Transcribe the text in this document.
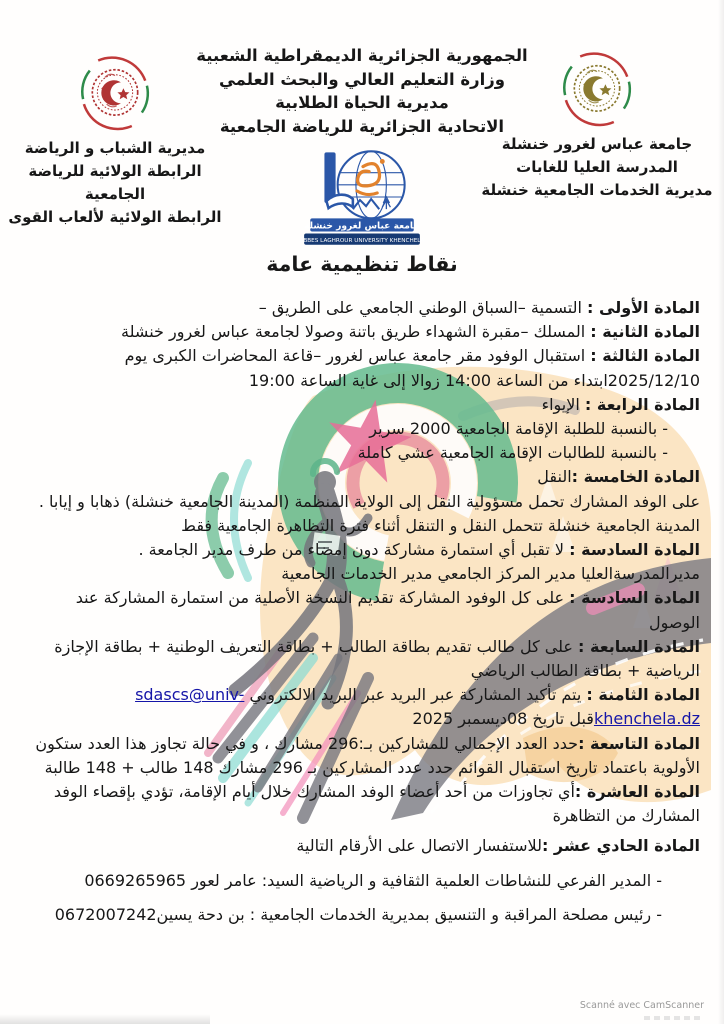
الجمهورية الجزائرية الديمقراطية الشعبية
وزارة التعليم العالي والبحث العلمي
مديرية الحياة الطلابية
الاتحادية الجزائرية للرياضة الجامعية
جامعة عباس لغرور خنشلة
المدرسة العليا للغابات
مديرية الخدمات الجامعية خنشلة
مديرية الشباب و الرياضة
الرابطة الولائية للرياضة الجامعية
الرابطة الولائية لألعاب القوى
جامعة عباس لغرور خنشلة
ABBES LAGHROUR UNIVERSITY KHENCHELA
نقاط تنظيمية عامة

المادة الأولى : التسمية –السباق الوطني الجامعي على الطريق –

المادة الثانية : المسلك –مقبرة الشهداء طريق باتنة وصولا لجامعة عباس لغرور خنشلة

المادة الثالثة : استقبال الوفود مقر جامعة عباس لغرور –قاعة المحاضرات الكبرى يوم 2025/12/10ابتداء من الساعة 14:00 زوالا إلى غاية الساعة 19:00

المادة الرابعة : الإيواء

- بالنسبة للطلبة الإقامة الجامعية 2000 سرير

- بالنسبة للطالبات الإقامة الجامعية عشي كاملة

المادة الخامسة :النقل

على الوفد المشارك تحمل مسؤولية النقل إلى الولاية المنظمة (المدينة الجامعية خنشلة) ذهابا و إيابا . المدينة الجامعية خنشلة تتحمل النقل و التنقل أثناء فترة التظاهرة الجامعية فقط

المادة السادسة : لا تقبل أي استمارة مشاركة دون إمضاء من طرف مدير الجامعة . مديرالمدرسةالعليا مدير المركز الجامعي مدير الخدمات الجامعية

المادة السادسة : على كل الوفود المشاركة تقديم النسخة الأصلية من استمارة المشاركة عند الوصول

المادة السابعة : على كل طالب تقديم بطاقة الطالب + بطاقة التعريف الوطنية + بطاقة الإجازة الرياضية + بطاقة الطالب الرياضي

المادة الثامنة : يتم تأكيد المشاركة عبر البريد عبر البريد الالكتروني sdascs@univ-khenchela.dzقبل تاريخ 08ديسمبر 2025

المادة التاسعة :حدد العدد الإجمالي للمشاركين بـ:296 مشارك ، و في حالة تجاوز هذا العدد ستكون الأولوية باعتماد تاريخ استقبال القوائم حدد عدد المشاركين بـ 296 مشارك 148 طالب + 148 طالبة

المادة العاشرة :أي تجاوزات من أحد أعضاء الوفد المشارك خلال أيام الإقامة، تؤدي بإقصاء الوفد المشارك من التظاهرة

المادة الحادي عشر :للاستفسار الاتصال على الأرقام التالية

- المدير الفرعي للنشاطات العلمية الثقافية و الرياضية السيد: عامر لعور 0669265965

- رئيس مصلحة المراقبة و التنسيق بمديرية الخدمات الجامعية : بن دحة يسين0672007242

Scanné avec CamScanner
